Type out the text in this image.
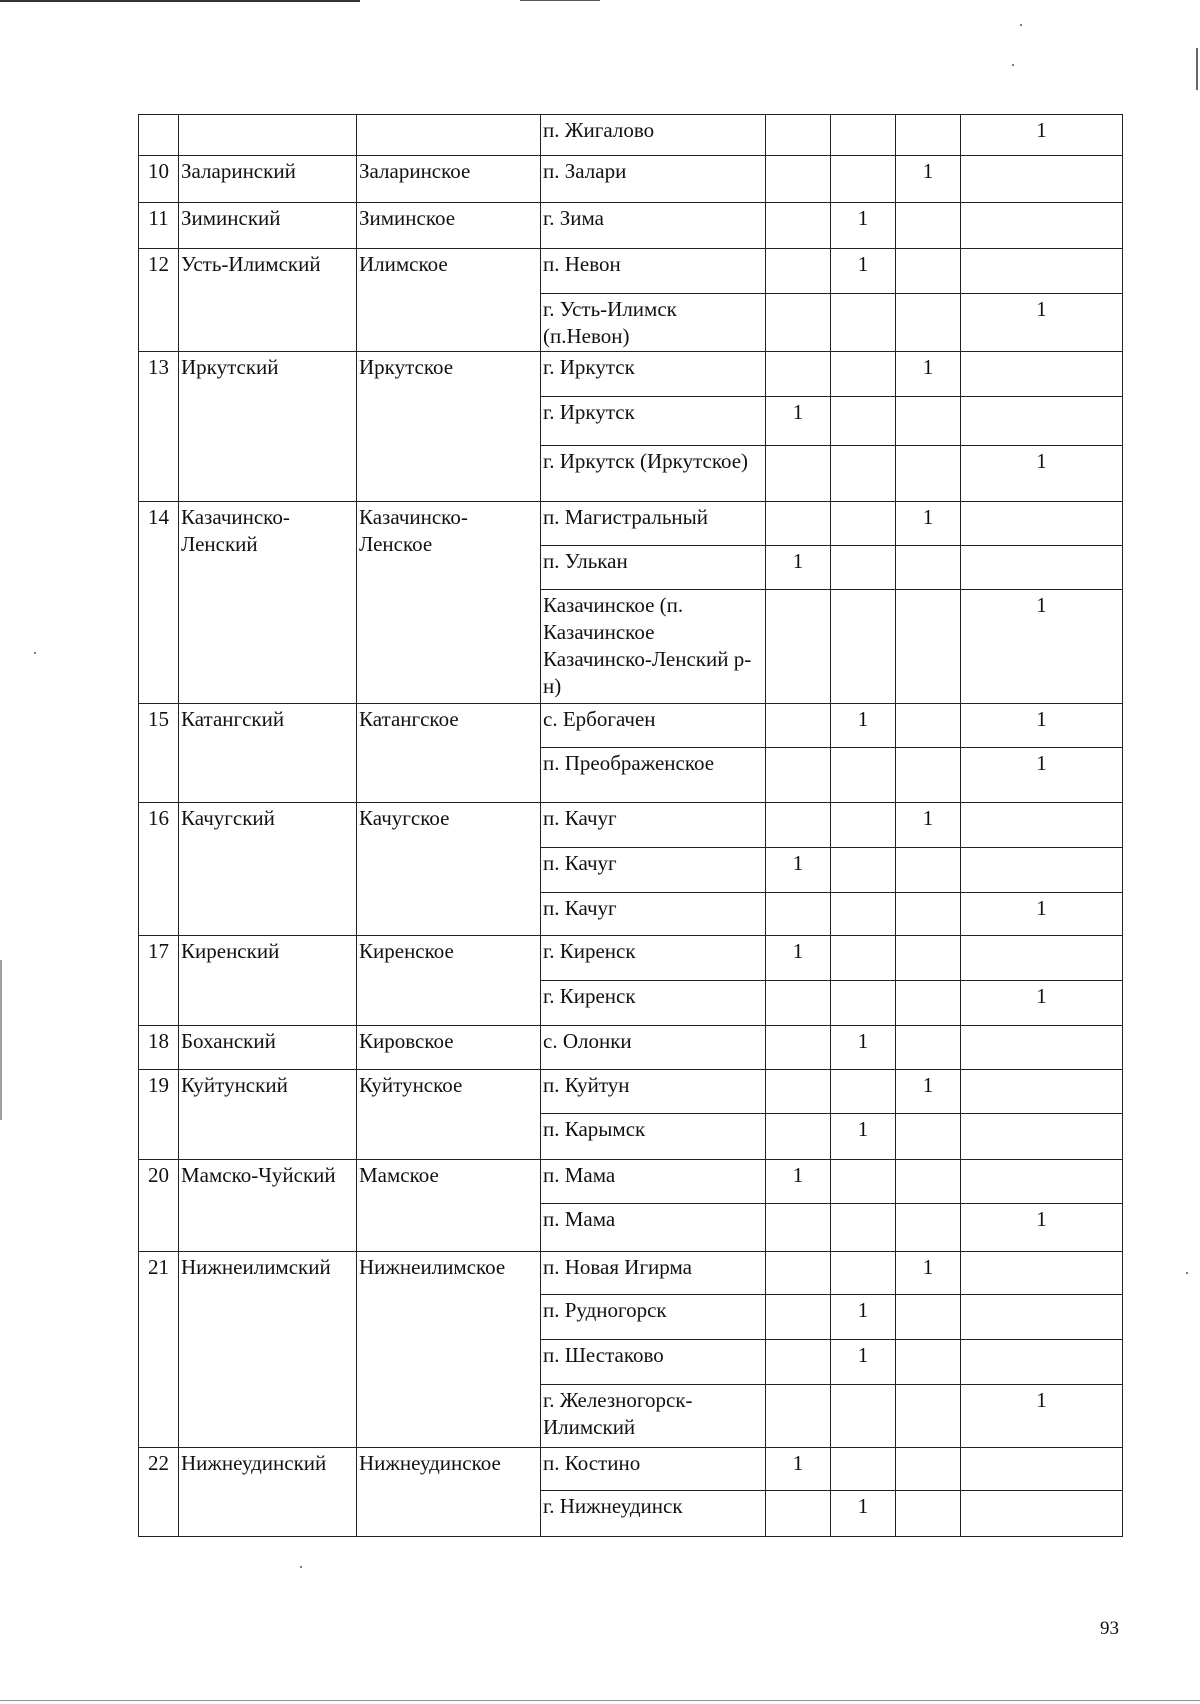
			п. Жигалово				1
10	Заларинский	Заларинское	п. Залари			1	
11	Зиминский	Зиминское	г. Зима		1		
12	Усть-Илимский	Илимское	п. Невон		1		
			г. Усть-Илимск (п.Невон)				1
13	Иркутский	Иркутское	г. Иркутск			1	
			г. Иркутск	1			
			г. Иркутск (Иркутское)				1
14	Казачинско-Ленский	Казачинско-Ленское	п. Магистральный			1	
			п. Улькан	1			
			Казачинское (п. Казачинское Казачинско-Ленский р-н)				1
15	Катангский	Катангское	с. Ербогачен		1		1
			п. Преображенское				1
16	Качугский	Качугское	п. Качуг			1	
			п. Качуг	1			
			п. Качуг				1
17	Киренский	Киренское	г. Киренск	1			
			г. Киренск				1
18	Боханский	Кировское	с. Олонки		1		
19	Куйтунский	Куйтунское	п. Куйтун			1	
			п. Карымск		1		
20	Мамско-Чуйский	Мамское	п. Мама	1			
			п. Мама				1
21	Нижнеилимский	Нижнеилимское	п. Новая Игирма			1	
			п. Рудногорск		1		
			п. Шестаково		1		
			г. Железногорск-Илимский				1
22	Нижнеудинский	Нижнеудинское	п. Костино	1			
			г. Нижнеудинск		1		
93
